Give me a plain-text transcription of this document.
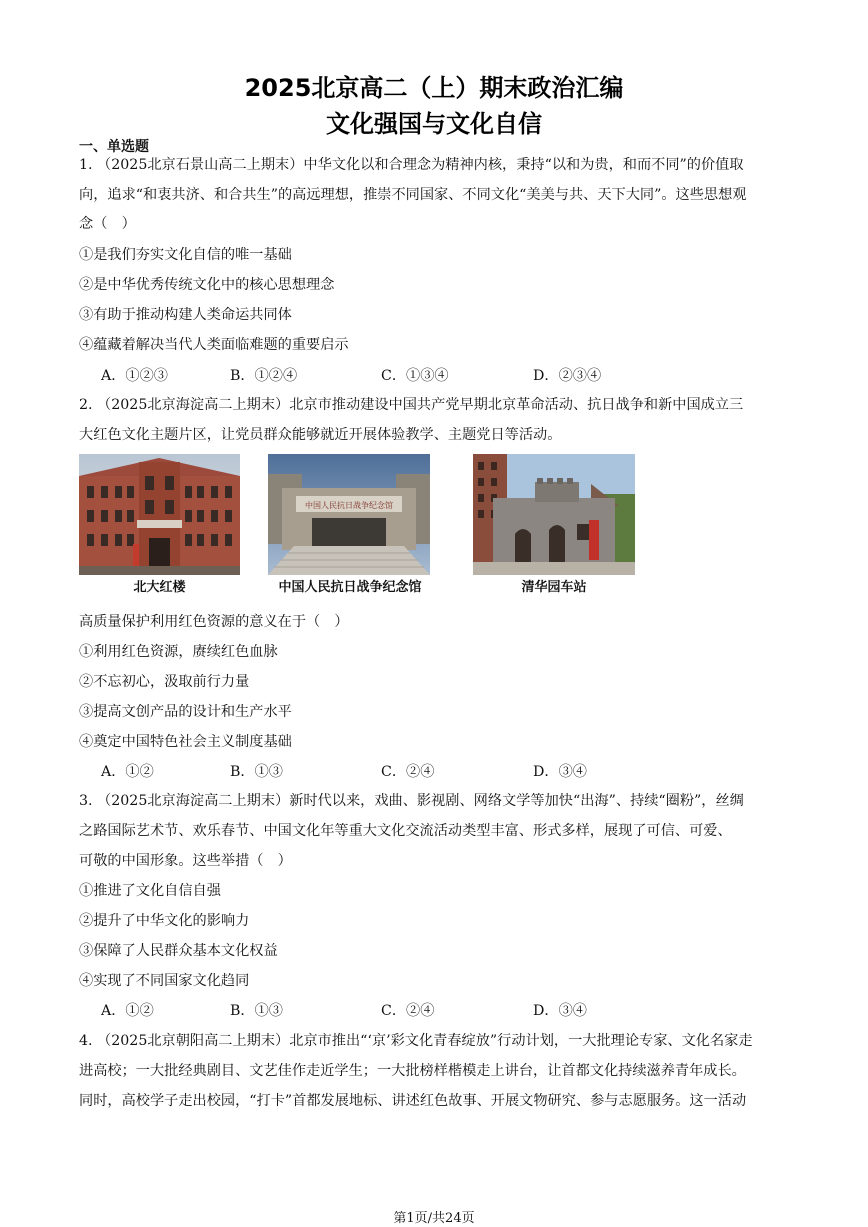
2025北京高二（上）期末政治汇编
文化强国与文化自信
一、单选题
1. （2025北京石景山高二上期末）中华文化以和合理念为精神内核，秉持“以和为贵，和而不同”的价值取
向，追求“和衷共济、和合共生”的高远理想，推崇不同国家、不同文化“美美与共、天下大同”。这些思想观
念（　）
①是我们夯实文化自信的唯一基础
②是中华优秀传统文化中的核心思想理念
③有助于推动构建人类命运共同体
④蕴藏着解决当代人类面临难题的重要启示
A．①②③	B．①②④	C．①③④	D．②③④
2. （2025北京海淀高二上期末）北京市推动建设中国共产党早期北京革命活动、抗日战争和新中国成立三
大红色文化主题片区，让党员群众能够就近开展体验教学、主题党日等活动。
中国人民抗日战争纪念馆
北大红楼	中国人民抗日战争纪念馆	清华园车站
高质量保护利用红色资源的意义在于（　）
①利用红色资源，赓续红色血脉
②不忘初心，汲取前行力量
③提高文创产品的设计和生产水平
④奠定中国特色社会主义制度基础
A．①②	B．①③	C．②④	D．③④
3. （2025北京海淀高二上期末）新时代以来，戏曲、影视剧、网络文学等加快“出海”、持续“圈粉”，丝绸
之路国际艺术节、欢乐春节、中国文化年等重大文化交流活动类型丰富、形式多样，展现了可信、可爱、
可敬的中国形象。这些举措（　）
①推进了文化自信自强
②提升了中华文化的影响力
③保障了人民群众基本文化权益
④实现了不同国家文化趋同
A．①②	B．①③	C．②④	D．③④
4. （2025北京朝阳高二上期末）北京市推出“‘京’彩文化青春绽放”行动计划，一大批理论专家、文化名家走
进高校；一大批经典剧目、文艺佳作走近学生；一大批榜样楷模走上讲台，让首都文化持续滋养青年成长。
同时，高校学子走出校园，“打卡”首都发展地标、讲述红色故事、开展文物研究、参与志愿服务。这一活动
第1页/共24页
